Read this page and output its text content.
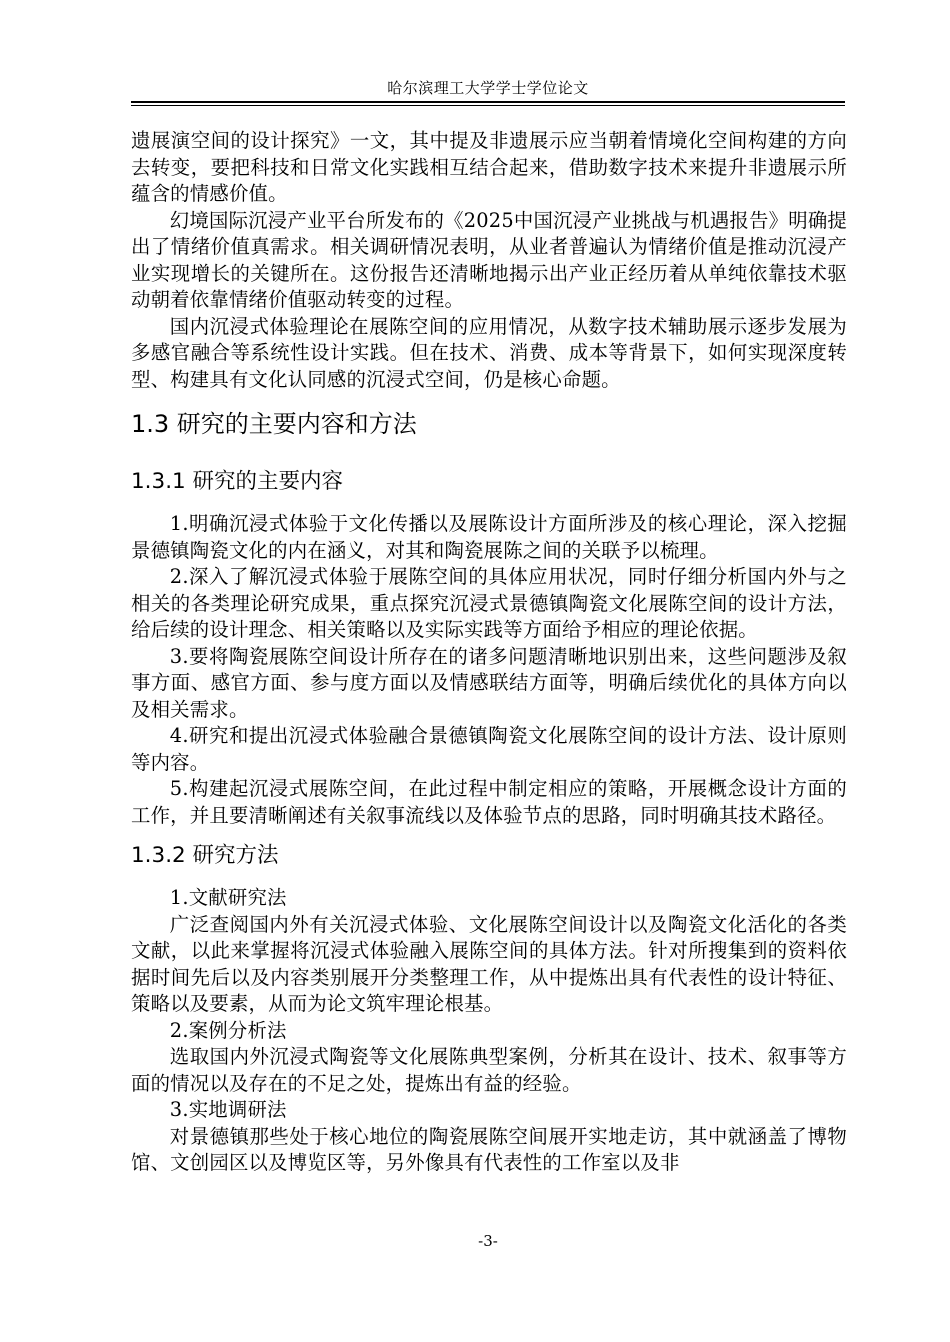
哈尔滨理工大学学士学位论文

遗展演空间的设计探究》一文，其中提及非遗展示应当朝着情境化空间构建的方向去转变，要把科技和日常文化实践相互结合起来，借助数字技术来提升非遗展示所蕴含的情感价值。

幻境国际沉浸产业平台所发布的《2025中国沉浸产业挑战与机遇报告》明确提出了情绪价值真需求。相关调研情况表明，从业者普遍认为情绪价值是推动沉浸产业实现增长的关键所在。这份报告还清晰地揭示出产业正经历着从单纯依靠技术驱动朝着依靠情绪价值驱动转变的过程。

国内沉浸式体验理论在展陈空间的应用情况，从数字技术辅助展示逐步发展为多感官融合等系统性设计实践。但在技术、消费、成本等背景下，如何实现深度转型、构建具有文化认同感的沉浸式空间，仍是核心命题。

1.3 研究的主要内容和方法
1.3.1 研究的主要内容

1.明确沉浸式体验于文化传播以及展陈设计方面所涉及的核心理论，深入挖掘景德镇陶瓷文化的内在涵义，对其和陶瓷展陈之间的关联予以梳理。

2.深入了解沉浸式体验于展陈空间的具体应用状况，同时仔细分析国内外与之相关的各类理论研究成果，重点探究沉浸式景德镇陶瓷文化展陈空间的设计方法，给后续的设计理念、相关策略以及实际实践等方面给予相应的理论依据。

3.要将陶瓷展陈空间设计所存在的诸多问题清晰地识别出来，这些问题涉及叙事方面、感官方面、参与度方面以及情感联结方面等，明确后续优化的具体方向以及相关需求。

4.研究和提出沉浸式体验融合景德镇陶瓷文化展陈空间的设计方法、设计原则等内容。

5.构建起沉浸式展陈空间，在此过程中制定相应的策略，开展概念设计方面的工作，并且要清晰阐述有关叙事流线以及体验节点的思路，同时明确其技术路径。

1.3.2 研究方法

1.文献研究法

广泛查阅国内外有关沉浸式体验、文化展陈空间设计以及陶瓷文化活化的各类文献，以此来掌握将沉浸式体验融入展陈空间的具体方法。针对所搜集到的资料依据时间先后以及内容类别展开分类整理工作，从中提炼出具有代表性的设计特征、策略以及要素，从而为论文筑牢理论根基。

2.案例分析法

选取国内外沉浸式陶瓷等文化展陈典型案例，分析其在设计、技术、叙事等方面的情况以及存在的不足之处，提炼出有益的经验。

3.实地调研法

对景德镇那些处于核心地位的陶瓷展陈空间展开实地走访，其中就涵盖了博物馆、文创园区以及博览区等，另外像具有代表性的工作室以及非

-3-
